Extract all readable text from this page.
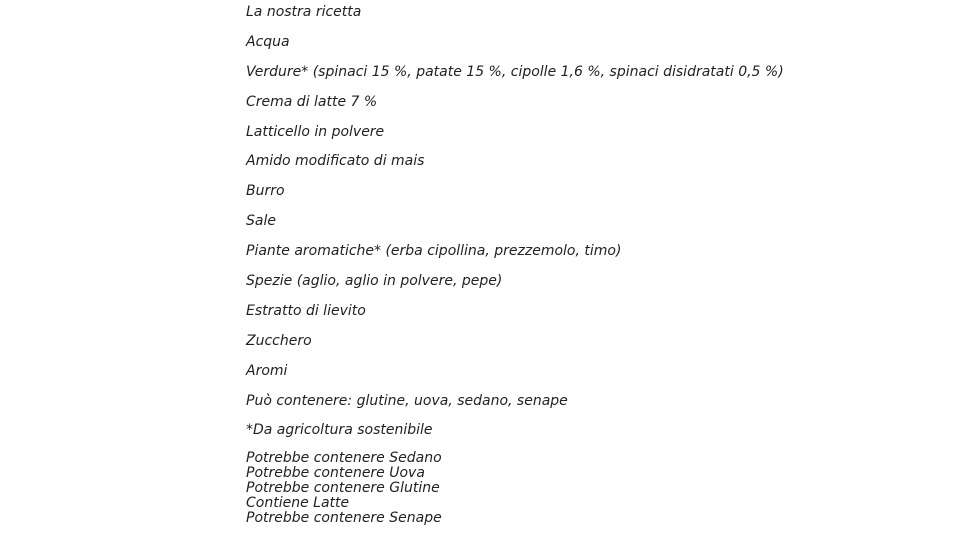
La nostra ricetta
Acqua
Verdure* (spinaci 15 %, patate 15 %, cipolle 1,6 %, spinaci disidratati 0,5 %)
Crema di latte 7 %
Latticello in polvere
Amido modificato di mais
Burro
Sale
Piante aromatiche* (erba cipollina, prezzemolo, timo)
Spezie (aglio, aglio in polvere, pepe)
Estratto di lievito
Zucchero
Aromi
Può contenere: glutine, uova, sedano, senape
*Da agricoltura sostenibile
Potrebbe contenere Sedano
Potrebbe contenere Uova
Potrebbe contenere Glutine
Contiene Latte
Potrebbe contenere Senape
